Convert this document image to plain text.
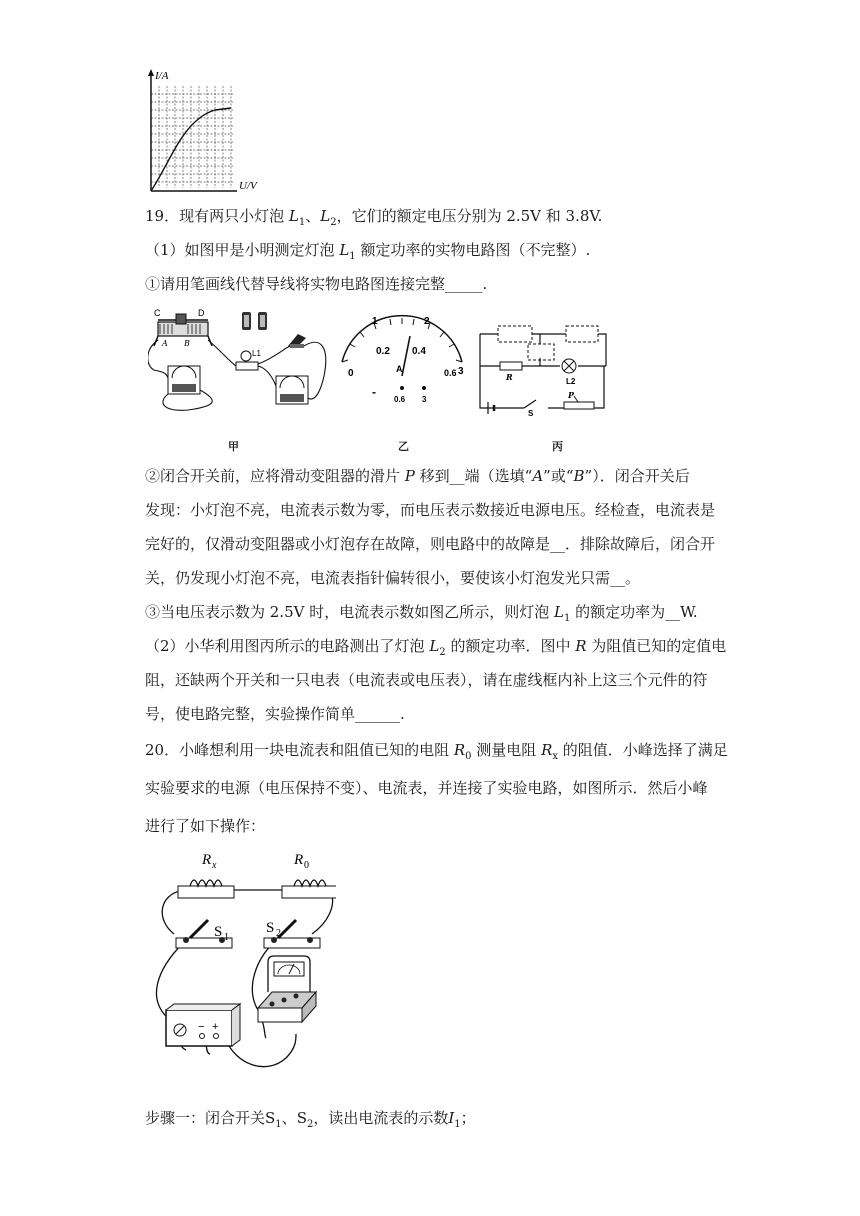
I/A
U/V
19．现有两只小灯泡 $L_1$、$L_2$，它们的额定电压分别为 2.5V 和 3.8V.
（1）如图甲是小明测定灯泡 $L_1$ 额定功率的实物电路图（不完整）.
①请用笔画线代替导线将实物电路图连接完整_____.
C	D
A B
L1
甲
1	2
0.2 0.4
0	3
0.6
A
-
0.6 3
乙
R	L2
S
P
丙
②闭合开关前，应将滑动变阻器的滑片 P 移到__端（选填“A”或“B”）．闭合开关后
发现：小灯泡不亮，电流表示数为零，而电压表示数接近电源电压。经检查，电流表是
完好的，仅滑动变阻器或小灯泡存在故障，则电路中的故障是__．排除故障后，闭合开
关，仍发现小灯泡不亮，电流表指针偏转很小，要使该小灯泡发光只需__。
③当电压表示数为 2.5V 时，电流表示数如图乙所示，则灯泡 $L_1$ 的额定功率为__W.
（2）小华利用图丙所示的电路测出了灯泡 $L_2$ 的额定功率．图中 R 为阻值已知的定值电
阻，还缺两个开关和一只电表（电流表或电压表），请在虚线框内补上这三个元件的符
号，使电路完整，实验操作简单______.
20．小峰想利用一块电流表和阻值已知的电阻 $R_0$ 测量电阻 $R_x$ 的阻值．小峰选择了满足
实验要求的电源（电压保持不变）、电流表，并连接了实验电路，如图所示．然后小峰
进行了如下操作：
R x	R 0
S 1
S 2
− +
步骤一：闭合开关$S_1$、$S_2$，读出电流表的示数$I_1$；
